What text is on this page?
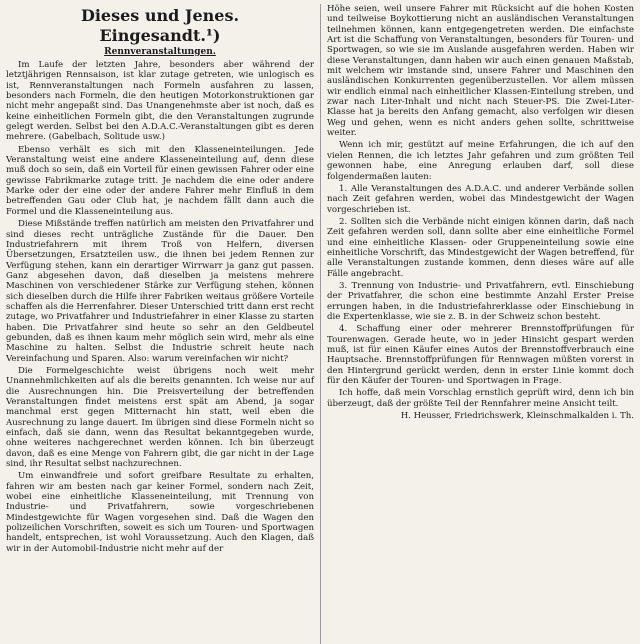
Dieses und Jenes.
Eingesandt.¹)
Rennveranstaltungen.

Im Laufe der letzten Jahre, besonders aber während der letztjährigen Rennsaison, ist klar zutage getreten, wie unlogisch es ist, Rennveranstaltungen nach Formeln ausfahren zu lassen, besonders nach Formeln, die den heutigen Motorkonstruktionen gar nicht mehr angepaßt sind. Das Unangenehmste aber ist noch, daß es keine einheitlichen Formeln gibt, die den Veranstaltungen zugrunde gelegt werden. Selbst bei den A.D.A.C.-Veranstaltungen gibt es deren mehrere. (Gabelbach, Solitude usw.)

Ebenso verhält es sich mit den Klasseneinteilungen. Jede Veranstaltung weist eine andere Klasseneinteilung auf, denn diese muß doch so sein, daß ein Vorteil für einen gewissen Fahrer oder eine gewisse Fabrikmarke zutage tritt. Je nachdem die eine oder andere Marke oder der eine oder der andere Fahrer mehr Einfluß in dem betreffenden Gau oder Club hat, je nachdem fällt dann auch die Formel und die Klasseneinteilung aus.

Diese Mißstände treffen natürlich am meisten den Privatfahrer und sind dieses recht unträgliche Zustände für die Dauer. Den Industriefahrern mit ihrem Troß von Helfern, diversen Übersetzungen, Ersatzteilen usw., die ihnen bei jedem Rennen zur Verfügung stehen, kann ein derartiger Wirrwarr ja ganz gut passen. Ganz abgesehen davon, daß dieselben ja meistens mehrere Maschinen von verschiedener Stärke zur Verfügung stehen, können sich dieselben durch die Hilfe ihrer Fabriken weitaus größere Vorteile schaffen als die Herrenfahrer. Dieser Unterschied tritt dann erst recht zutage, wo Privatfahrer und Industriefahrer in einer Klasse zu starten haben. Die Privatfahrer sind heute so sehr an den Geldbeutel gebunden, daß es ihnen kaum mehr möglich sein wird, mehr als eine Maschine zu halten. Selbst die Industrie schreit heute nach Vereinfachung und Sparen. Also: warum vereinfachen wir nicht?

Die Formelgeschichte weist übrigens noch weit mehr Unannehmlichkeiten auf als die bereits genannten. Ich weise nur auf die Ausrechnungen hin. Die Preisverteilung der betreffenden Veranstaltungen findet meistens erst spät am Abend, ja sogar manchmal erst gegen Mitternacht hin statt, weil eben die Ausrechnung zu lange dauert. Im übrigen sind diese Formeln nicht so einfach, daß sie dann, wenn das Resultat bekanntgegeben wurde, ohne weiteres nachgerechnet werden können. Ich bin überzeugt davon, daß es eine Menge von Fahrern gibt, die gar nicht in der Lage sind, ihr Resultat selbst nachzurechnen.

Um einwandfreie und sofort greifbare Resultate zu erhalten, fahren wir am besten nach gar keiner Formel, sondern nach Zeit, wobei eine einheitliche Klasseneinteilung, mit Trennung von Industrie- und Privatfahrern, sowie vorgeschriebenen Mindestgewichte für Wagen vorgesehen sind. Daß die Wagen den polizeilichen Vorschriften, soweit es sich um Touren- und Sportwagen handelt, entsprechen, ist wohl Voraussetzung. Auch den Klagen, daß wir in der Automobil-Industrie nicht mehr auf der

Höhe seien, weil unsere Fahrer mit Rücksicht auf die hohen Kosten und teilweise Boykottierung nicht an ausländischen Veranstaltungen teilnehmen können, kann entgegengetreten werden. Die einfachste Art ist die Schaffung von Veranstaltungen, besonders für Touren- und Sportwagen, so wie sie im Auslande ausgefahren werden. Haben wir diese Veranstaltungen, dann haben wir auch einen genauen Maßstab, mit welchem wir imstande sind, unsere Fahrer und Maschinen den ausländischen Konkurrenten gegenüberzustellen. Vor allem müssen wir endlich einmal nach einheitlicher Klassen-Einteilung streben, und zwar nach Liter-Inhalt und nicht nach Steuer-PS. Die Zwei-Liter-Klasse hat ja bereits den Anfang gemacht, also verfolgen wir diesen Weg und gehen, wenn es nicht anders gehen sollte, schrittweise weiter.

Wenn ich mir, gestützt auf meine Erfahrungen, die ich auf den vielen Rennen, die ich letztes Jahr gefahren und zum größten Teil gewonnen habe, eine Anregung erlauben darf, soll diese folgendermaßen lauten:

1. Alle Veranstaltungen des A.D.A.C. und anderer Verbände sollen nach Zeit gefahren werden, wobei das Mindestgewicht der Wagen vorgeschrieben ist.

2. Sollten sich die Verbände nicht einigen können darin, daß nach Zeit gefahren werden soll, dann sollte aber eine einheitliche Formel und eine einheitliche Klassen- oder Gruppeneinteilung sowie eine einheitliche Vorschrift, das Mindestgewicht der Wagen betreffend, für alle Veranstaltungen zustande kommen, denn dieses wäre auf alle Fälle angebracht.

3. Trennung von Industrie- und Privatfahrern, evtl. Einschiebung der Privatfahrer, die schon eine bestimmte Anzahl Erster Preise errungen haben, in die Industriefahrerklasse oder Einschiebung in die Expertenklasse, wie sie z. B. in der Schweiz schon besteht.

4. Schaffung einer oder mehrerer Brennstoffprüfungen für Tourenwagen. Gerade heute, wo in jeder Hinsicht gespart werden muß, ist für einen Käufer eines Autos der Brennstoffverbrauch eine Hauptsache. Brennstoffprüfungen für Rennwagen müßten vorerst in den Hintergrund gerückt werden, denn in erster Linie kommt doch für den Käufer der Touren- und Sportwagen in Frage.

Ich hoffe, daß mein Vorschlag ernstlich geprüft wird, denn ich bin überzeugt, daß der größte Teil der Rennfahrer meine Ansicht teilt.

H. Heusser, Friedrichswerk, Kleinschmalkalden i. Th.
